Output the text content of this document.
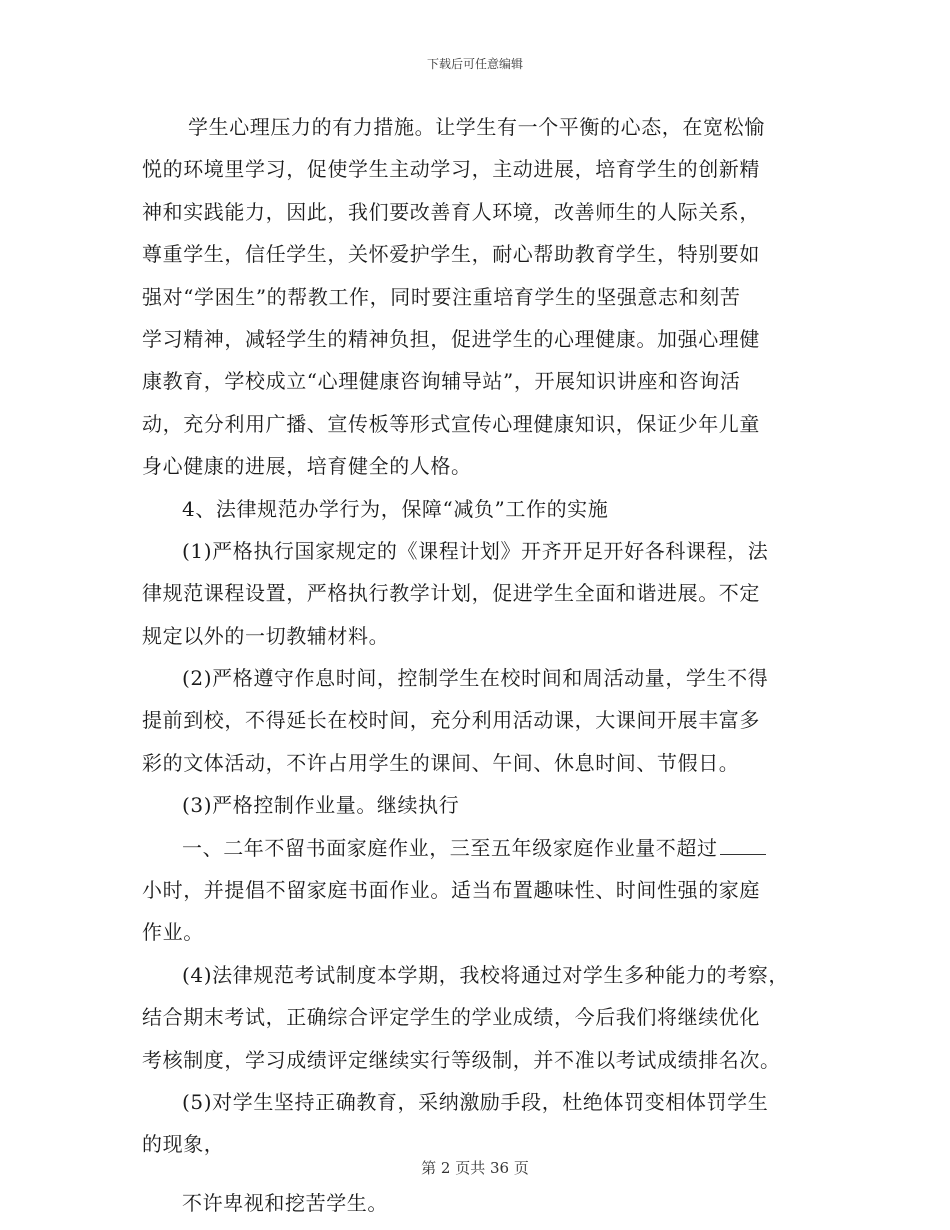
下载后可任意编辑
学生心理压力的有力措施。让学生有一个平衡的心态，在宽松愉
悦的环境里学习，促使学生主动学习，主动进展，培育学生的创新精
神和实践能力，因此，我们要改善育人环境，改善师生的人际关系，
尊重学生，信任学生，关怀爱护学生，耐心帮助教育学生，特别要如
强对“学困生”的帮教工作，同时要注重培育学生的坚强意志和刻苦
学习精神，减轻学生的精神负担，促进学生的心理健康。加强心理健
康教育，学校成立“心理健康咨询辅导站”，开展知识讲座和咨询活
动，充分利用广播、宣传板等形式宣传心理健康知识，保证少年儿童
身心健康的进展，培育健全的人格。
4、法律规范办学行为，保障“减负”工作的实施
(1)严格执行国家规定的《课程计划》开齐开足开好各科课程，法
律规范课程设置，严格执行教学计划，促进学生全面和谐进展。不定
规定以外的一切教辅材料。
(2)严格遵守作息时间，控制学生在校时间和周活动量，学生不得
提前到校，不得延长在校时间，充分利用活动课，大课间开展丰富多
彩的文体活动，不许占用学生的课间、午间、休息时间、节假日。
(3)严格控制作业量。继续执行
一、二年不留书面家庭作业，三至五年级家庭作业量不超过
小时，并提倡不留家庭书面作业。适当布置趣味性、时间性强的家庭
作业。
(4)法律规范考试制度本学期，我校将通过对学生多种能力的考察，
结合期末考试，正确综合评定学生的学业成绩，今后我们将继续优化
考核制度，学习成绩评定继续实行等级制，并不准以考试成绩排名次。
(5)对学生坚持正确教育，采纳激励手段，杜绝体罚变相体罚学生
的现象，
不许卑视和挖苦学生。
第 2 页共 36 页
